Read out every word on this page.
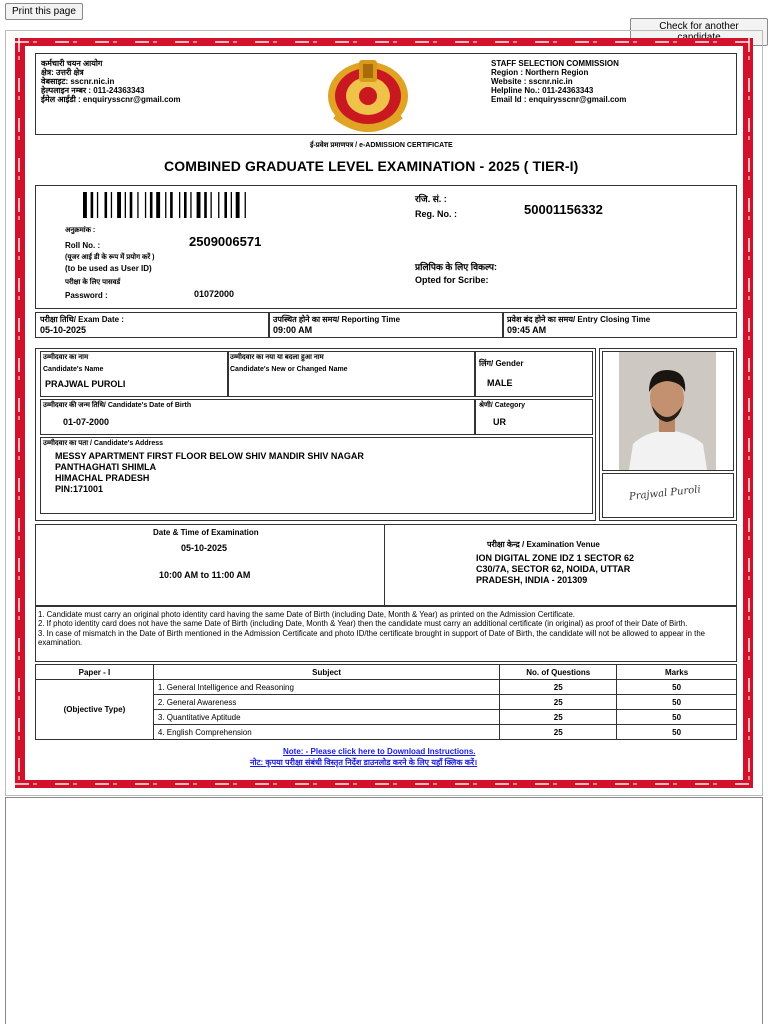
Print this page
Check for another
कर्मचारी चयन आयोग
क्षेत्र: उत्तरी क्षेत्र
वेबसाइट: sscnr.nic.in
हेल्पलाइन नम्बर : 011-24363343
ईमेल आईडी : enquirysscnr@gmail.com
STAFF SELECTION COMMISSION
Region : Northern Region
Website : sscnr.nic.in
Helpline No.: 011-24363343
Email Id : enquirysscnr@gmail.com
ई-प्रवेश प्रमाणपत्र / e-ADMISSION CERTIFICATE
COMBINED GRADUATE LEVEL EXAMINATION - 2025 ( TIER-I)
अनुक्रमांक :
Roll No. :	2509006571
(यूजर आई डी के रूप में प्रयोग करें )
(to be used as User ID)
परीक्षा के लिए पासवर्ड
Password :	01072000
रजि. सं. :
Reg. No. :	50001156332
प्रलिपिक के लिए विकल्प:
Opted for Scribe:
परीक्षा तिथि/ Exam Date :
05-10-2025
उपस्थित होने का समय/ Reporting Time
09:00 AM
प्रवेश बंद होने का समय/ Entry Closing Time
09:45 AM
उम्मीदवार का नाम
Candidate's Name
PRAJWAL PUROLI
उम्मीदवार का नया या बदला हुआ नाम
Candidate's New or Changed Name
लिंग/ Gender
MALE
उम्मीदवार की जन्म तिथि/ Candidate's Date of Birth
01-07-2000
श्रेणी/ Category
UR
उम्मीदवार का पता / Candidate's Address
MESSY APARTMENT FIRST FLOOR BELOW SHIV MANDIR SHIV NAGAR
PANTHAGHATI SHIMLA
HIMACHAL PRADESH
PIN:171001	Prajwal Puroli
Date & Time of Examination
05-10-2025
10:00 AM to 11:00 AM
परीक्षा केन्द्र / Examination Venue
ION DIGITAL ZONE IDZ 1 SECTOR 62
C30/7A, SECTOR 62, NOIDA, UTTAR
PRADESH, INDIA - 201309
1. Candidate must carry an original photo identity card having the same Date of Birth (including Date, Month & Year) as printed on the Admission Certificate.
2. If photo identity card does not have the same Date of Birth (including Date, Month & Year) then the candidate must carry an additional certificate (in original) as proof of their Date of Birth.
3. In case of mismatch in the Date of Birth mentioned in the Admission Certificate and photo ID/the certificate brought in support of Date of Birth, the candidate will not be allowed to appear in the examination.
Paper - I	Subject	No. of Questions	Marks
(Objective Type)	1. General Intelligence and Reasoning	25	50
	2. General Awareness	25	50
	3. Quantitative Aptitude	25	50
	4. English Comprehension	25	50
Note: - Please click here to Download Instructions.
नोट: कृपया परीक्षा संबंधी विस्तृत निर्देश डाउनलोड करने के लिए यहाँ क्लिक करें।
